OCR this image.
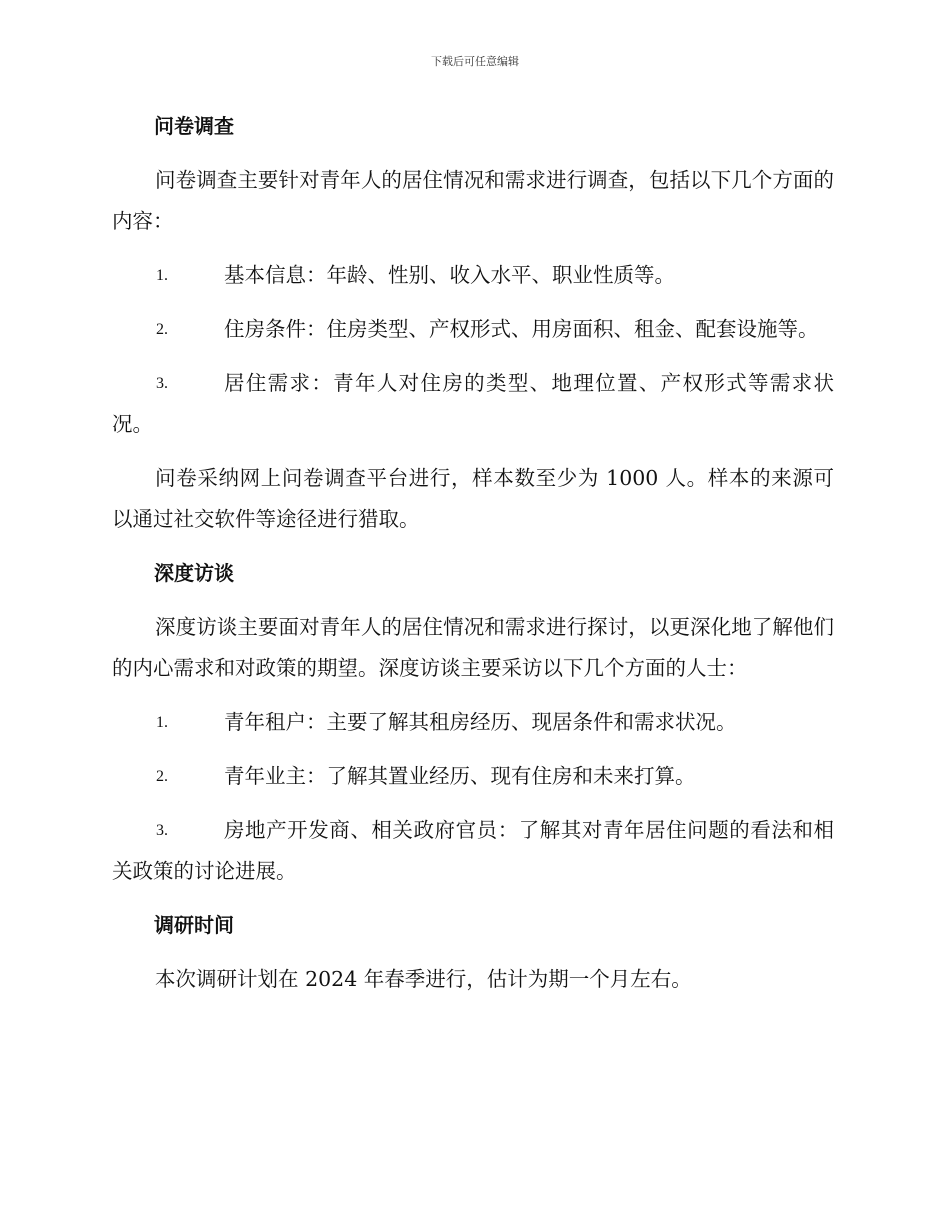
下载后可任意编辑
问卷调查
问卷调查主要针对青年人的居住情况和需求进行调查，包括以下几个方面的内容：
1.	基本信息：年龄、性别、收入水平、职业性质等。
2.	住房条件：住房类型、产权形式、用房面积、租金、配套设施等。
3.	居住需求：青年人对住房的类型、地理位置、产权形式等需求状况。
问卷采纳网上问卷调查平台进行，样本数至少为 1000 人。样本的来源可以通过社交软件等途径进行猎取。
深度访谈
深度访谈主要面对青年人的居住情况和需求进行探讨，以更深化地了解他们的内心需求和对政策的期望。深度访谈主要采访以下几个方面的人士：
1.	青年租户：主要了解其租房经历、现居条件和需求状况。
2.	青年业主：了解其置业经历、现有住房和未来打算。
3.	房地产开发商、相关政府官员：了解其对青年居住问题的看法和相关政策的讨论进展。
调研时间
本次调研计划在 2024 年春季进行，估计为期一个月左右。
